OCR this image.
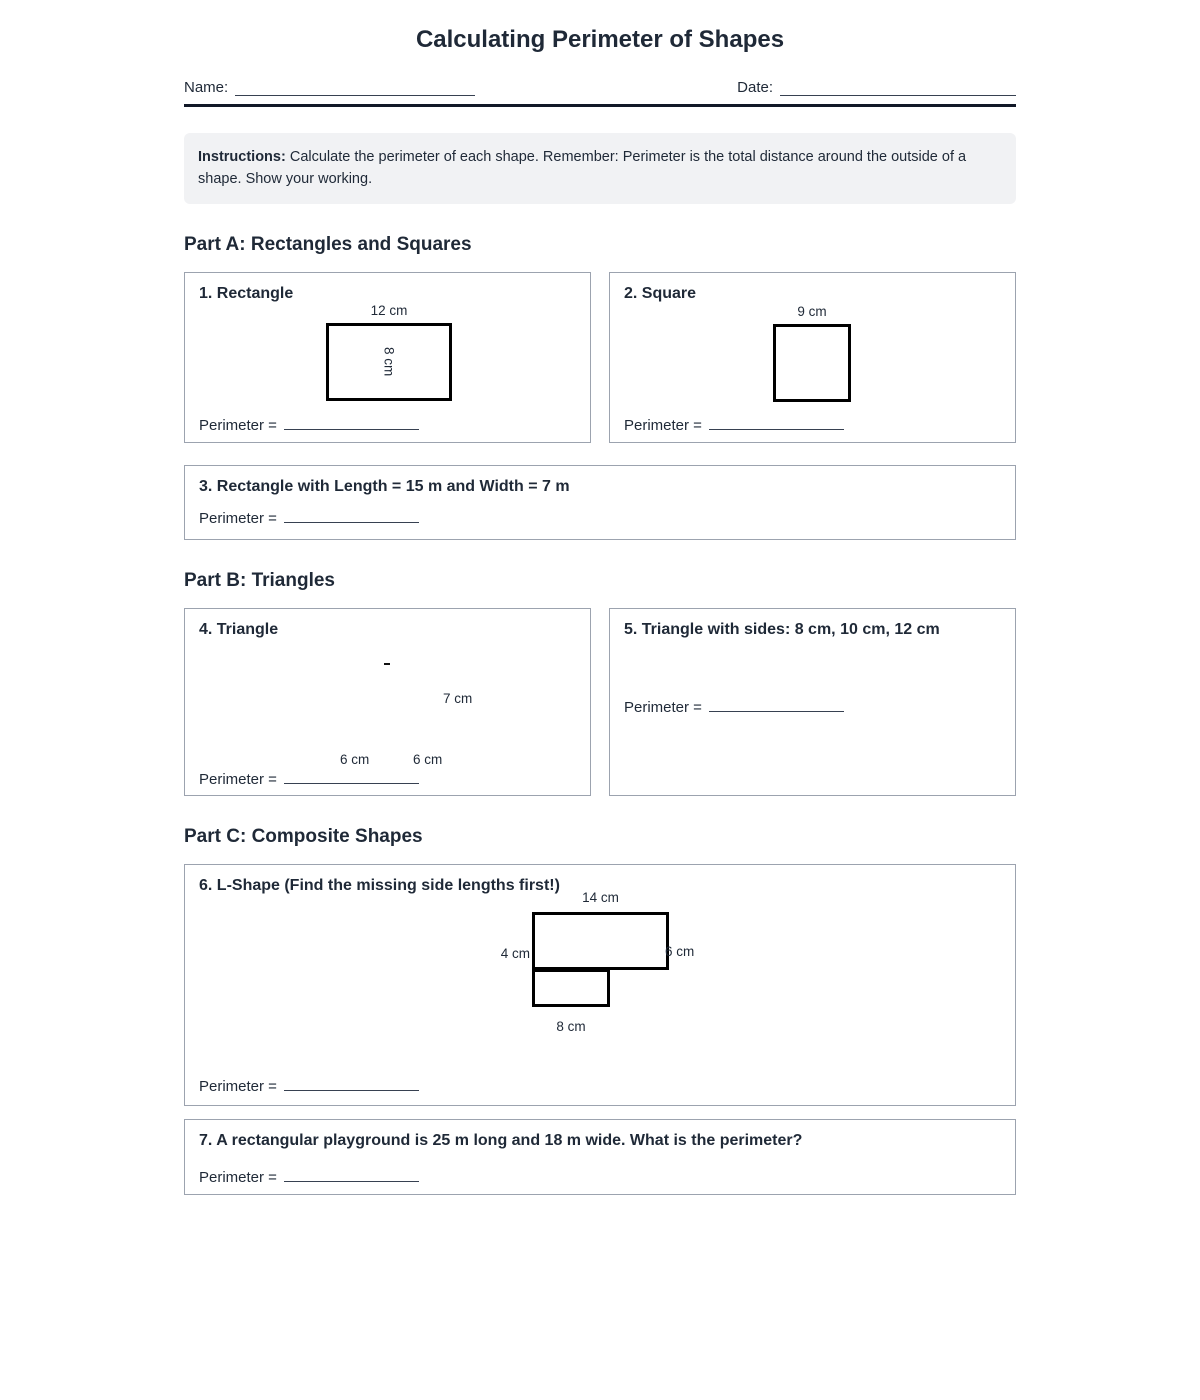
Calculating Perimeter of Shapes
Name:	Date:
Instructions: Calculate the perimeter of each shape. Remember: Perimeter is the total distance around the outside of a shape. Show your working.
Part A: Rectangles and Squares
1. Rectangle
12 cm
8 cm
Perimeter =
2. Square
9 cm
Perimeter =
3. Rectangle with Length = 15 m and Width = 7 m
Perimeter =
Part B: Triangles
4. Triangle
7 cm
6 cm	6 cm
Perimeter =
5. Triangle with sides: 8 cm, 10 cm, 12 cm
Perimeter =
Part C: Composite Shapes
6. L-Shape (Find the missing side lengths first!)
14 cm
4 cm	6 cm
8 cm
Perimeter =
7. A rectangular playground is 25 m long and 18 m wide. What is the perimeter?
Perimeter =
